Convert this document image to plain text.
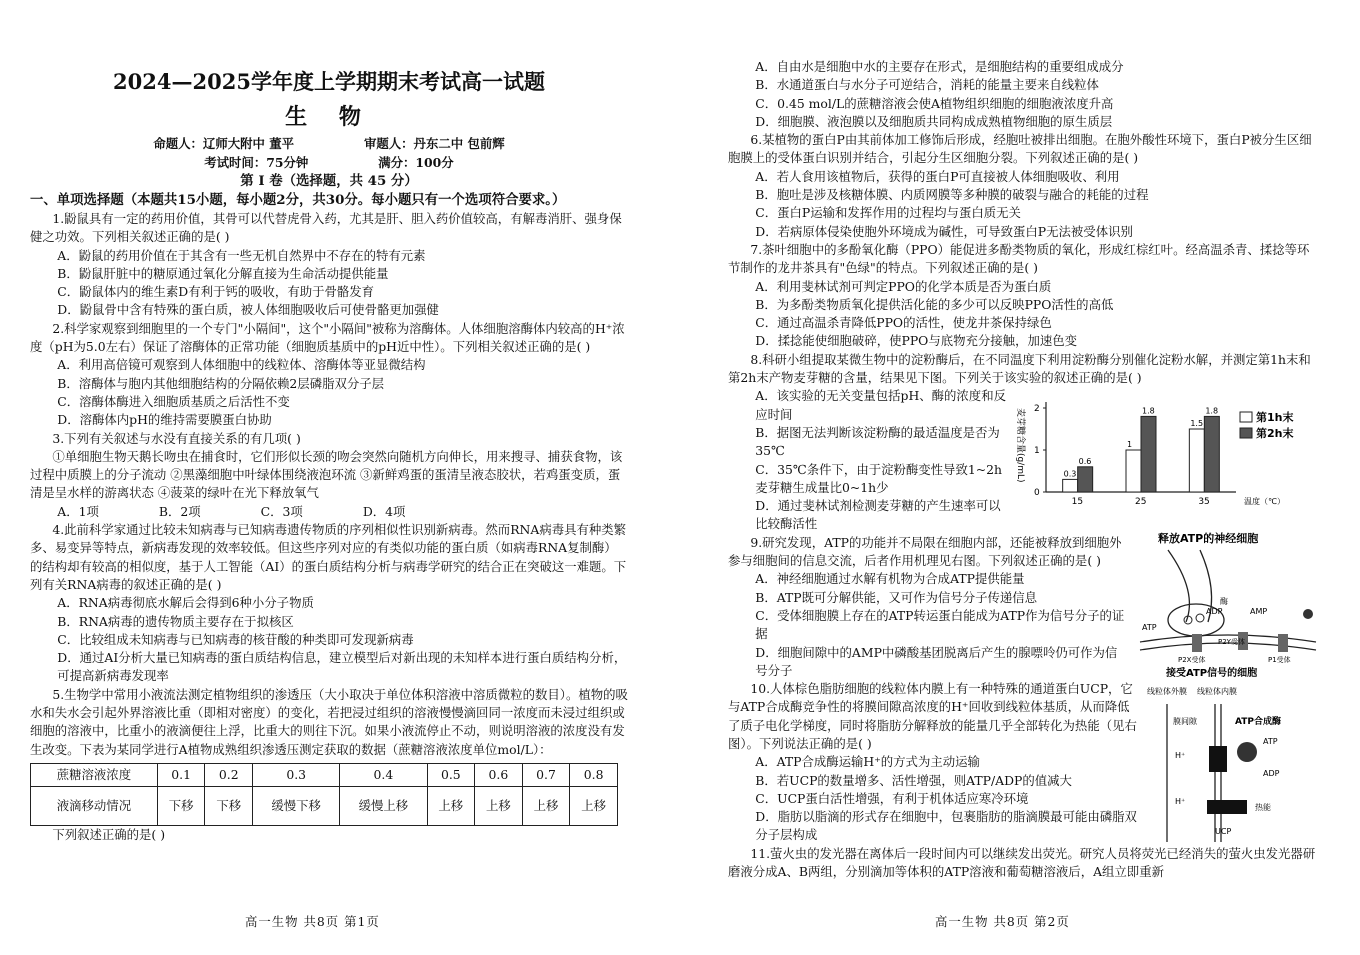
2024—2025学年度上学期期末考试高一试题
生 物
命题人：辽师大附中 董平	审题人：丹东二中 包前辉
考试时间：75分钟	满分：100分
第 Ⅰ 卷（选择题，共 45 分）
一、单项选择题（本题共15小题，每小题2分，共30分。每小题只有一个选项符合要求。）

1.鼢鼠具有一定的药用价值，其骨可以代替虎骨入药，尤其是肝、胆入药价值较高，有解毒消肝、强身保健之功效。下列相关叙述正确的是( )

A．鼢鼠的药用价值在于其含有一些无机自然界中不存在的特有元素

B．鼢鼠肝脏中的糖原通过氧化分解直接为生命活动提供能量

C．鼢鼠体内的维生素D有利于钙的吸收，有助于骨骼发育

D．鼢鼠骨中含有特殊的蛋白质，被人体细胞吸收后可使骨骼更加强健

2.科学家观察到细胞里的一个专门"小隔间"，这个"小隔间"被称为溶酶体。人体细胞溶酶体内较高的H⁺浓度（pH为5.0左右）保证了溶酶体的正常功能（细胞质基质中的pH近中性）。下列相关叙述正确的是( )

A．利用高倍镜可观察到人体细胞中的线粒体、溶酶体等亚显微结构

B．溶酶体与胞内其他细胞结构的分隔依赖2层磷脂双分子层

C．溶酶体酶进入细胞质基质之后活性不变

D．溶酶体内pH的维持需要膜蛋白协助

3.下列有关叙述与水没有直接关系的有几项( )

①单细胞生物天鹅长吻虫在捕食时，它们形似长颈的吻会突然向随机方向伸长，用来搜寻、捕获食物，该过程中质膜上的分子流动 ②黑藻细胞中叶绿体围绕液泡环流 ③新鲜鸡蛋的蛋清呈液态胶状，若鸡蛋变质，蛋清是呈水样的游离状态 ④菠菜的绿叶在光下释放氧气

A．1项	B．2项	C．3项	D．4项

4.此前科学家通过比较未知病毒与已知病毒遗传物质的序列相似性识别新病毒。然而RNA病毒具有种类繁多、易变异等特点，新病毒发现的效率较低。但这些序列对应的有类似功能的蛋白质（如病毒RNA复制酶）的结构却有较高的相似度，基于人工智能（AI）的蛋白质结构分析与病毒学研究的结合正在突破这一难题。下列有关RNA病毒的叙述正确的是( )

A．RNA病毒彻底水解后会得到6种小分子物质

B．RNA病毒的遗传物质主要存在于拟核区

C．比较组成未知病毒与已知病毒的核苷酸的种类即可发现新病毒

D．通过AI分析大量已知病毒的蛋白质结构信息，建立模型后对新出现的未知样本进行蛋白质结构分析，可提高新病毒发现率

5.生物学中常用小液流法测定植物组织的渗透压（大小取决于单位体积溶液中溶质微粒的数目）。植物的吸水和失水会引起外界溶液比重（即相对密度）的变化，若把浸过组织的溶液慢慢滴回同一浓度而未浸过组织或细胞的溶液中，比重小的液滴便往上浮，比重大的则往下沉。如果小液流停止不动，则说明溶液的浓度没有发生改变。下表为某同学进行A植物成熟组织渗透压测定获取的数据（蔗糖溶液浓度单位mol/L）：

蔗糖溶液浓度	0.1	0.2	0.3	0.4	0.5	0.6	0.7	0.8
液滴移动情况	下移	下移	缓慢下移	缓慢上移	上移	上移	上移	上移

下列叙述正确的是( )

高一生物 共8页 第1页

A．自由水是细胞中水的主要存在形式，是细胞结构的重要组成成分

B．水通道蛋白与水分子可逆结合，消耗的能量主要来自线粒体

C．0.45 mol/L的蔗糖溶液会使A植物组织细胞的细胞液浓度升高

D．细胞膜、液泡膜以及细胞质共同构成成熟植物细胞的原生质层

6.某植物的蛋白P由其前体加工修饰后形成，经胞吐被排出细胞。在胞外酸性环境下，蛋白P被分生区细胞膜上的受体蛋白识别并结合，引起分生区细胞分裂。下列叙述正确的是( )

A．若人食用该植物后，获得的蛋白P可直接被人体细胞吸收、利用

B．胞吐是涉及核糖体膜、内质网膜等多种膜的破裂与融合的耗能的过程

C．蛋白P运输和发挥作用的过程均与蛋白质无关

D．若病原体侵染使胞外环境成为碱性，可导致蛋白P无法被受体识别

7.茶叶细胞中的多酚氧化酶（PPO）能促进多酚类物质的氧化，形成红棕红叶。经高温杀青、揉捻等环节制作的龙井茶具有"色绿"的特点。下列叙述正确的是( )

A．利用斐林试剂可判定PPO的化学本质是否为蛋白质

B．为多酚类物质氧化提供活化能的多少可以反映PPO活性的高低

C．通过高温杀青降低PPO的活性，使龙井茶保持绿色

D．揉捻能使细胞破碎，使PPO与底物充分接触，加速色变

8.科研小组提取某微生物中的淀粉酶后，在不同温度下利用淀粉酶分别催化淀粉水解，并测定第1h末和第2h末产物麦芽糖的含量，结果见下图。下列关于该实验的叙述正确的是( )

A．该实验的无关变量包括pH、酶的浓度和反应时间

B．据图无法判断该淀粉酶的最适温度是否为35℃

C．35℃条件下，由于淀粉酶变性导致1~2h麦芽糖生成量比0~1h少

D．通过斐林试剂检测麦芽糖的产生速率可以比较酶活性

9.研究发现，ATP的功能并不局限在细胞内部，还能被释放到细胞外参与细胞间的信息交流，后者作用机理见右图。下列叙述正确的是( )

A．神经细胞通过水解有机物为合成ATP提供能量

B．ATP既可分解供能，又可作为信号分子传递信息

C．受体细胞膜上存在的ATP转运蛋白能成为ATP作为信号分子的证据

D．细胞间隙中的AMP中磷酸基团脱离后产生的腺嘌呤仍可作为信号分子

10.人体棕色脂肪细胞的线粒体内膜上有一种特殊的通道蛋白UCP，它与ATP合成酶竞争性的将膜间隙高浓度的H⁺回收到线粒体基质，从而降低了质子电化学梯度，同时将脂肪分解释放的能量几乎全部转化为热能（见右图）。下列说法正确的是( )

A．ATP合成酶运输H⁺的方式为主动运输

B．若UCP的数量增多、活性增强，则ATP/ADP的值减大

C．UCP蛋白活性增强，有利于机体适应寒冷环境

D．脂肪以脂滴的形式存在细胞中，包裹脂肪的脂滴膜最可能由磷脂双分子层构成

11.萤火虫的发光器在离体后一段时间内可以继续发出荧光。研究人员将荧光已经消失的萤火虫发光器研磨液分成A、B两组，分别滴加等体积的ATP溶液和葡萄糖溶液后，A组立即重新

麦芽糖含量(g/mL)
0
1
2
15
0.3
0.6
25
1
1.8
35
1.5
1.8
温度（℃）
第1h末
第2h末
释放ATP的神经细胞
酶
ADP	AMP
ATP
P2Y受体
P2X受体	P1受体
接受ATP信号的细胞
线粒体外膜 线粒体内膜
膜间隙	ATP合成酶
H⁺
ATP
ADP
H⁺
热能
UCP
高一生物 共8页 第2页
